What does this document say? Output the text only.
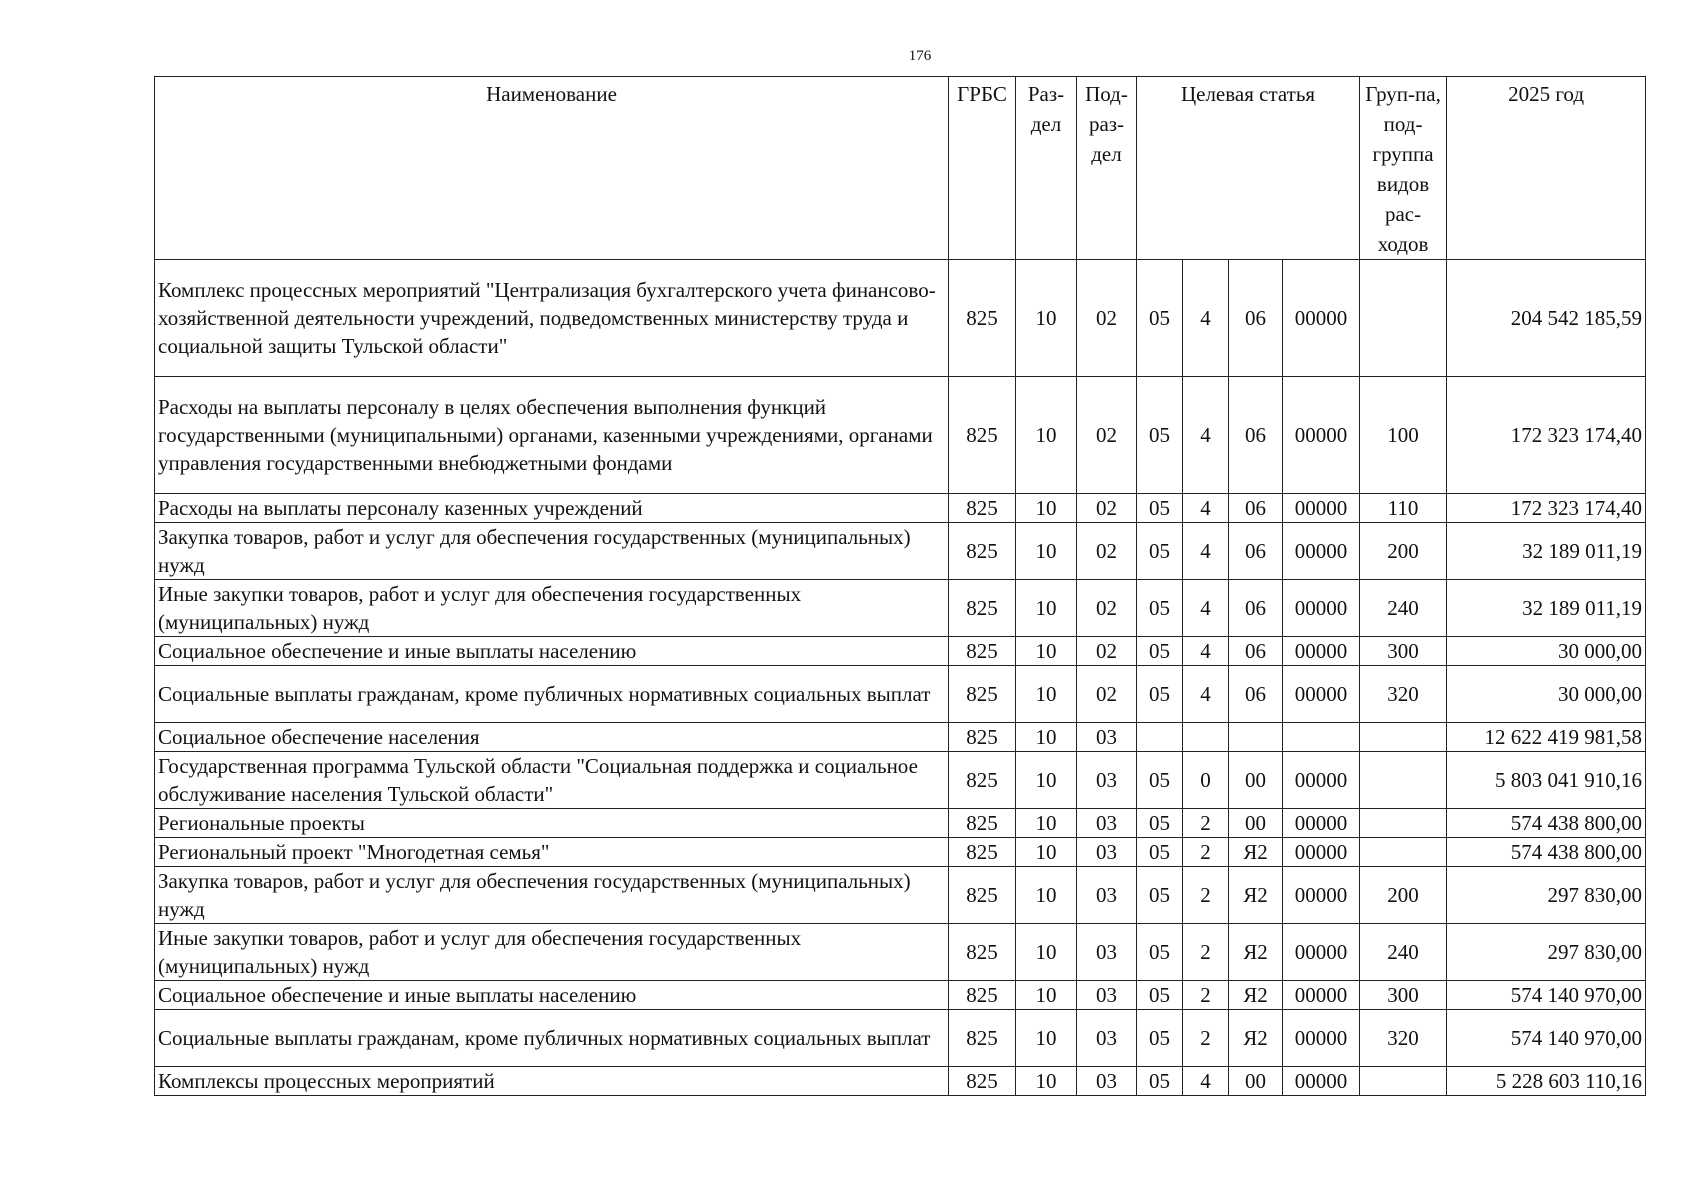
176
Наименование	ГРБС	Раз-дел	Под-раз-дел	Целевая статья				Груп-па, под-группа видов рас-ходов	2025 год
Комплекс процессных мероприятий "Централизация бухгалтерского учета финансово-хозяйственной деятельности учреждений, подведомственных министерству труда и социальной защиты Тульской области"	825	10	02	05	4	06	00000		204 542 185,59
Расходы на выплаты персоналу в целях обеспечения выполнения функций государственными (муниципальными) органами, казенными учреждениями, органами управления государственными внебюджетными фондами	825	10	02	05	4	06	00000	100	172 323 174,40
Расходы на выплаты персоналу казенных учреждений	825	10	02	05	4	06	00000	110	172 323 174,40
Закупка товаров, работ и услуг для обеспечения государственных (муниципальных) нужд	825	10	02	05	4	06	00000	200	32 189 011,19
Иные закупки товаров, работ и услуг для обеспечения государственных (муниципальных) нужд	825	10	02	05	4	06	00000	240	32 189 011,19
Социальное обеспечение и иные выплаты населению	825	10	02	05	4	06	00000	300	30 000,00
Социальные выплаты гражданам, кроме публичных нормативных социальных выплат	825	10	02	05	4	06	00000	320	30 000,00
Социальное обеспечение населения	825	10	03						12 622 419 981,58
Государственная программа Тульской области "Социальная поддержка и социальное обслуживание населения Тульской области"	825	10	03	05	0	00	00000		5 803 041 910,16
Региональные проекты	825	10	03	05	2	00	00000		574 438 800,00
Региональный проект "Многодетная семья"	825	10	03	05	2	Я2	00000		574 438 800,00
Закупка товаров, работ и услуг для обеспечения государственных (муниципальных) нужд	825	10	03	05	2	Я2	00000	200	297 830,00
Иные закупки товаров, работ и услуг для обеспечения государственных (муниципальных) нужд	825	10	03	05	2	Я2	00000	240	297 830,00
Социальное обеспечение и иные выплаты населению	825	10	03	05	2	Я2	00000	300	574 140 970,00
Социальные выплаты гражданам, кроме публичных нормативных социальных выплат	825	10	03	05	2	Я2	00000	320	574 140 970,00
Комплексы процессных мероприятий	825	10	03	05	4	00	00000		5 228 603 110,16
